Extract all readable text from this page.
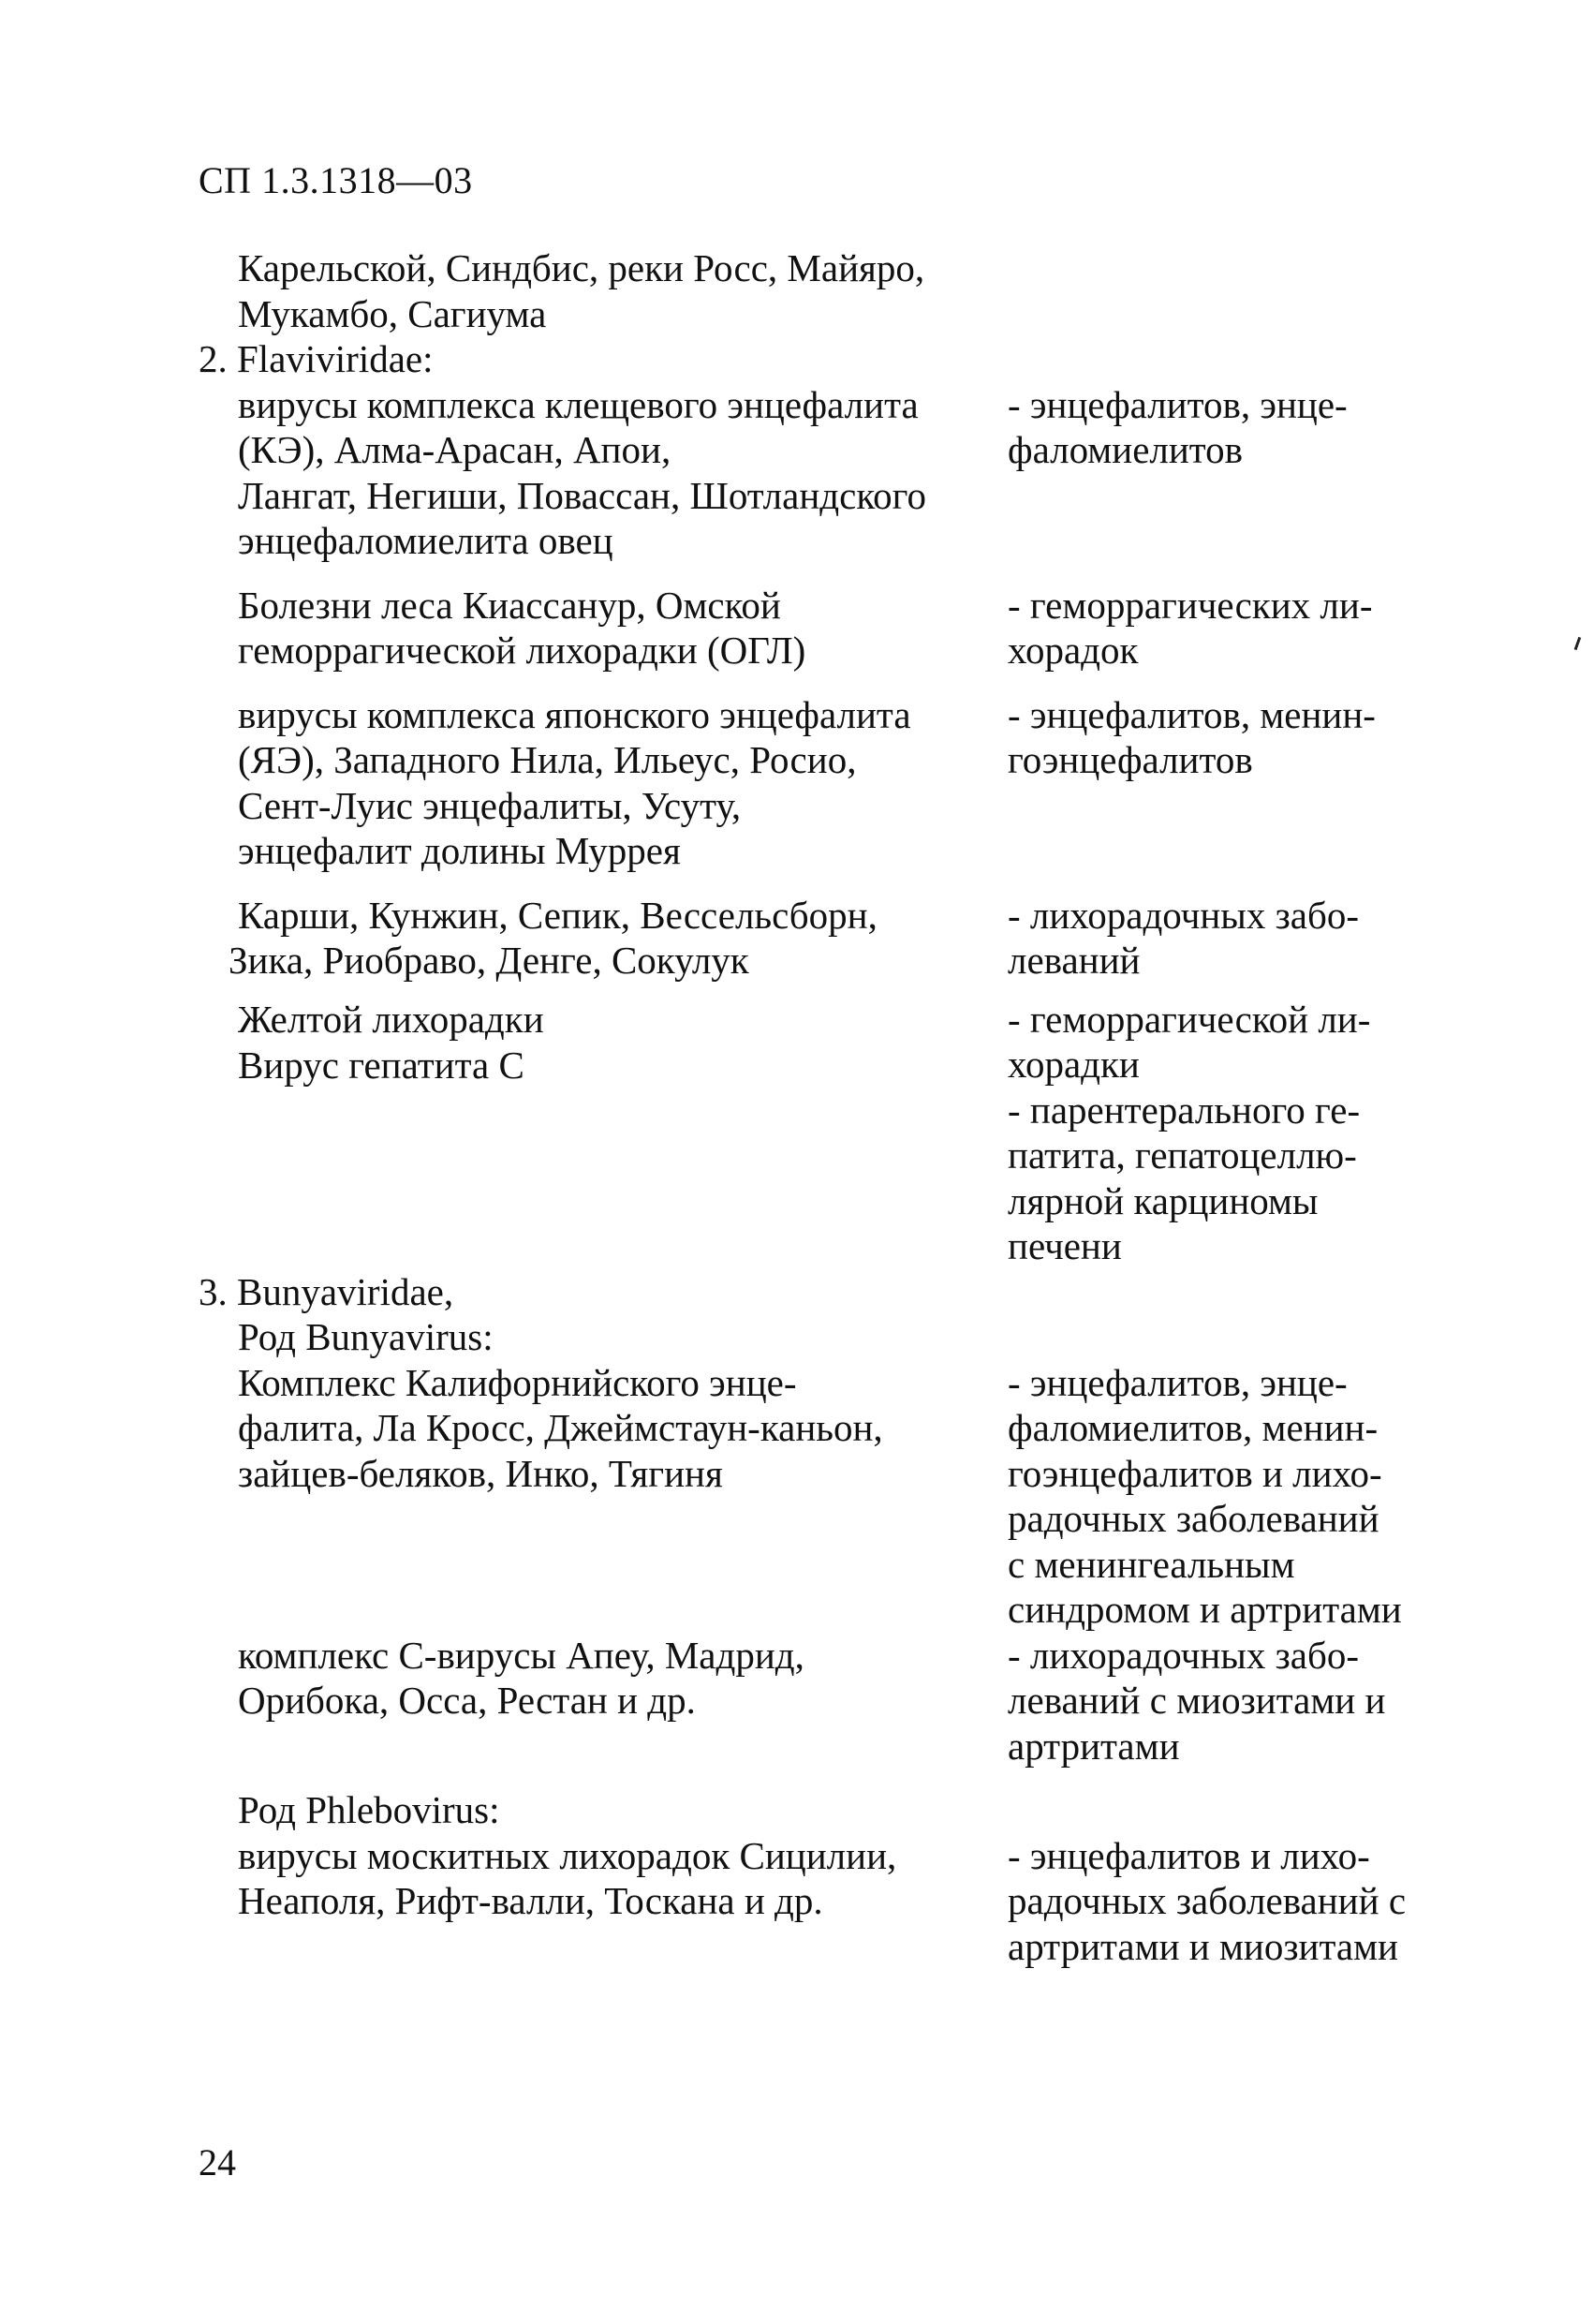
СП 1.3.1318—03
Карельской, Синдбис, реки Росс, Майяро,
Мукамбо, Сагиума
2. Flaviviridae:
вирусы комплекса клещевого энцефалита
(КЭ), Алма-Арасан, Апои,
Лангат, Негиши, Повассан, Шотландского
энцефаломиелита овец
- энцефалитов, энце-
фаломиелитов
Болезни леса Киассанур, Омской
геморрагической лихорадки (ОГЛ)
- геморрагических ли-
хорадок
вирусы комплекса японского энцефалита
(ЯЭ), Западного Нила, Ильеус, Росио,
Сент-Луис энцефалиты, Усуту,
энцефалит долины Муррея
- энцефалитов, менин-
гоэнцефалитов
Карши, Кунжин, Сепик, Вессельсборн,
Зика, Риобраво, Денге, Сокулук
- лихорадочных забо-
леваний
Желтой лихорадки	- геморрагической ли-
хорадки
Вирус гепатита С
- парентерального ге-
патита, гепатоцеллю-
лярной карциномы
печени
3. Bunyaviridae,
Род Bunyavirus:
Комплекс Калифорнийского энце-
фалита, Ла Кросс, Джеймстаун-каньон,
зайцев-беляков, Инко, Тягиня

- энцефалитов, энце-
фаломиелитов, менин-
гоэнцефалитов и лихо-
радочных заболеваний
с менингеальным
синдромом и артритами
комплекс С-вирусы Апеу, Мадрид,
Орибока, Осса, Рестан и др.
- лихорадочных забо-
леваний с миозитами и
артритами
Род Phlebovirus:
вирусы москитных лихорадок Сицилии,
Неаполя, Рифт-валли, Тоскана и др.

- энцефалитов и лихо-
радочных заболеваний с
артритами и миозитами
24
